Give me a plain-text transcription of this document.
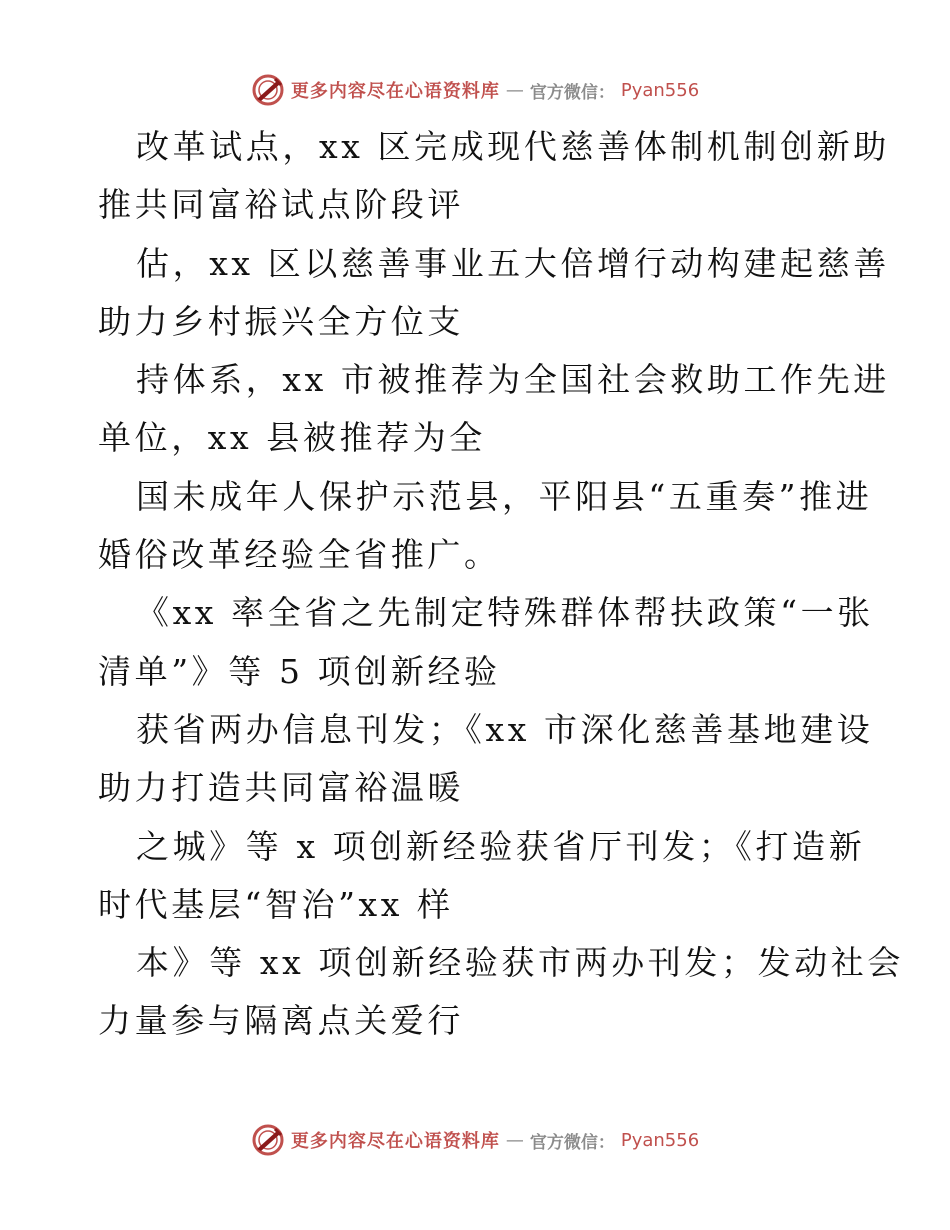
更多内容尽在心语资料库 — 官方微信： Pyan556
改革试点，xx 区完成现代慈善体制机制创新助
推共同富裕试点阶段评
估，xx 区以慈善事业五大倍增行动构建起慈善
助力乡村振兴全方位支
持体系，xx 市被推荐为全国社会救助工作先进
单位，xx 县被推荐为全
国未成年人保护示范县，平阳县“五重奏”推进
婚俗改革经验全省推广。
《xx 率全省之先制定特殊群体帮扶政策“一张
清单”》等 5 项创新经验
获省两办信息刊发；《xx 市深化慈善基地建设
助力打造共同富裕温暖
之城》等 x 项创新经验获省厅刊发；《打造新
时代基层“智治”xx 样
本》等 xx 项创新经验获市两办刊发；发动社会
力量参与隔离点关爱行
更多内容尽在心语资料库 — 官方微信： Pyan556
